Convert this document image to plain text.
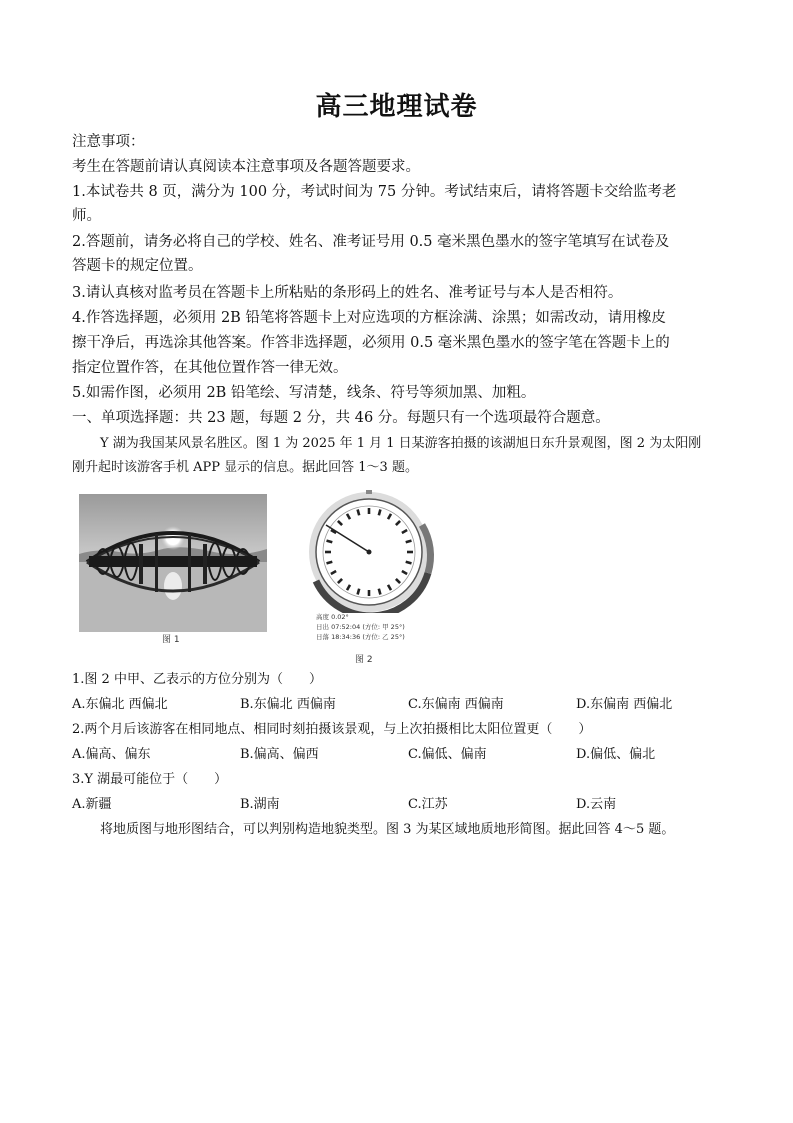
高三地理试卷
注意事项：
考生在答题前请认真阅读本注意事项及各题答题要求。
1.本试卷共 8 页，满分为 100 分，考试时间为 75 分钟。考试结束后，请将答题卡交给监考老
师。
2.答题前，请务必将自己的学校、姓名、准考证号用 0.5 毫米黑色墨水的签字笔填写在试卷及
答题卡的规定位置。
3.请认真核对监考员在答题卡上所粘贴的条形码上的姓名、准考证号与本人是否相符。
4.作答选择题，必须用 2B 铅笔将答题卡上对应选项的方框涂满、涂黑；如需改动，请用橡皮
擦干净后，再选涂其他答案。作答非选择题，必须用 0.5 毫米黑色墨水的签字笔在答题卡上的
指定位置作答，在其他位置作答一律无效。
5.如需作图，必须用 2B 铅笔绘、写清楚，线条、符号等须加黑、加粗。
一、单项选择题：共 23 题，每题 2 分，共 46 分。每题只有一个选项最符合题意。
Y 湖为我国某风景名胜区。图 1 为 2025 年 1 月 1 日某游客拍摄的该湖旭日东升景观图，图 2 为太阳刚
刚升起时该游客手机 APP 显示的信息。据此回答 1～3 题。
图 1
高度 0.02°
日出 07:52:04 (方位: 甲 25°)
日落 18:34:36 (方位: 乙 25°)
图 2
1.图 2 中甲、乙表示的方位分别为（　　）
A.东偏北 西偏北	B.东偏北 西偏南	C.东偏南 西偏南	D.东偏南 西偏北
2.两个月后该游客在相同地点、相同时刻拍摄该景观，与上次拍摄相比太阳位置更（　　）
A.偏高、偏东	B.偏高、偏西	C.偏低、偏南	D.偏低、偏北
3.Y 湖最可能位于（　　）
A.新疆	B.湖南	C.江苏	D.云南
将地质图与地形图结合，可以判别构造地貌类型。图 3 为某区域地质地形简图。据此回答 4～5 题。
